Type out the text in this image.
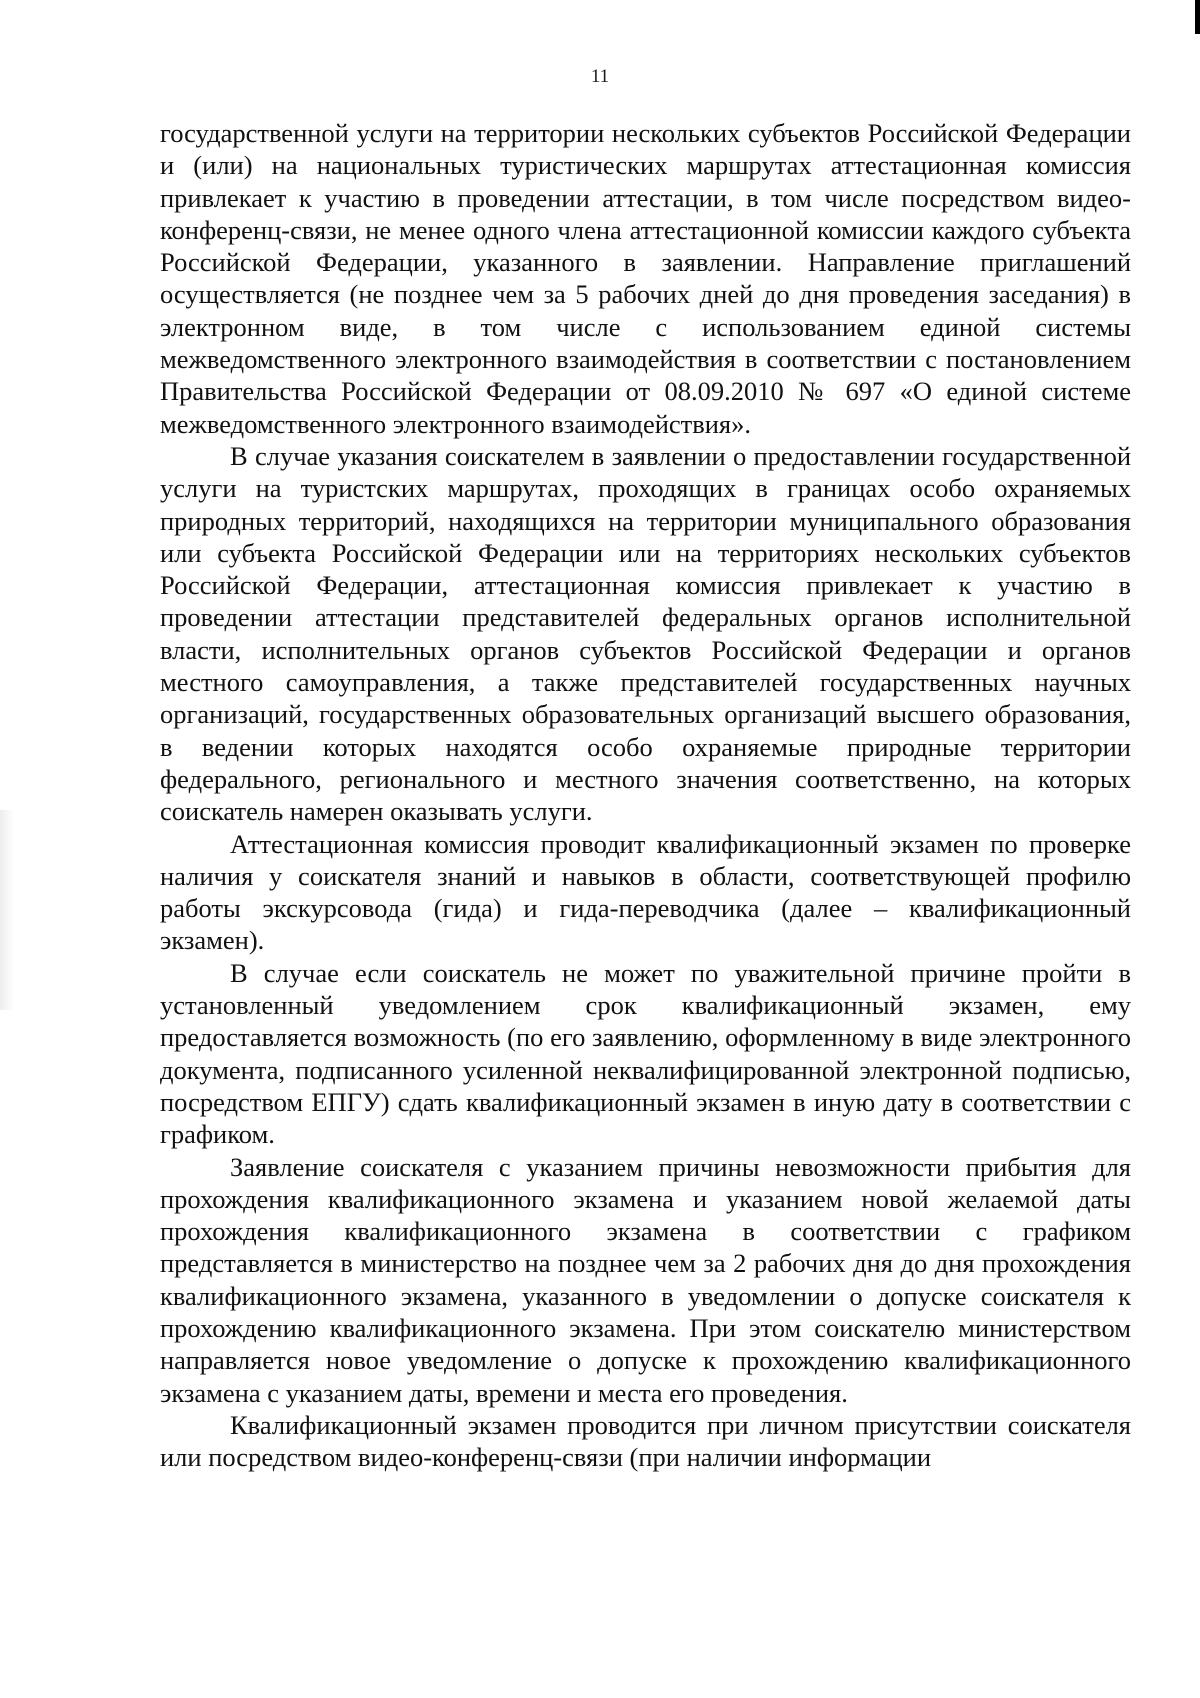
11

государственной услуги на территории нескольких субъектов Российской Федерации и (или) на национальных туристических маршрутах аттестационная комиссия привлекает к участию в проведении аттестации, в том числе посредством видео-конференц-связи, не менее одного члена аттестационной комиссии каждого субъекта Российской Федерации, указанного в заявлении. Направление приглашений осуществляется (не позднее чем за 5 рабочих дней до дня проведения заседания) в электронном виде, в том числе с использованием единой системы межведомственного электронного взаимодействия в соответствии с постановлением Правительства Российской Федерации от 08.09.2010 № 697 «О единой системе межведомственного электронного взаимодействия».

В случае указания соискателем в заявлении о предоставлении государственной услуги на туристских маршрутах, проходящих в границах особо охраняемых природных территорий, находящихся на территории муниципального образования или субъекта Российской Федерации или на территориях нескольких субъектов Российской Федерации, аттестационная комиссия привлекает к участию в проведении аттестации представителей федеральных органов исполнительной власти, исполнительных органов субъектов Российской Федерации и органов местного самоуправления, а также представителей государственных научных организаций, государственных образовательных организаций высшего образования, в ведении которых находятся особо охраняемые природные территории федерального, регионального и местного значения соответственно, на которых соискатель намерен оказывать услуги.

Аттестационная комиссия проводит квалификационный экзамен по проверке наличия у соискателя знаний и навыков в области, соответствующей профилю работы экскурсовода (гида) и гида-переводчика (далее – квалификационный экзамен).

В случае если соискатель не может по уважительной причине пройти в установленный уведомлением срок квалификационный экзамен, ему предоставляется возможность (по его заявлению, оформленному в виде электронного документа, подписанного усиленной неквалифицированной электронной подписью, посредством ЕПГУ) сдать квалификационный экзамен в иную дату в соответствии с графиком.

Заявление соискателя с указанием причины невозможности прибытия для прохождения квалификационного экзамена и указанием новой желаемой даты прохождения квалификационного экзамена в соответствии с графиком представляется в министерство на позднее чем за 2 рабочих дня до дня прохождения квалификационного экзамена, указанного в уведомлении о допуске соискателя к прохождению квалификационного экзамена. При этом соискателю министерством направляется новое уведомление о допуске к прохождению квалификационного экзамена с указанием даты, времени и места его проведения.

Квалификационный экзамен проводится при личном присутствии соискателя или посредством видео-конференц-связи (при наличии информации
